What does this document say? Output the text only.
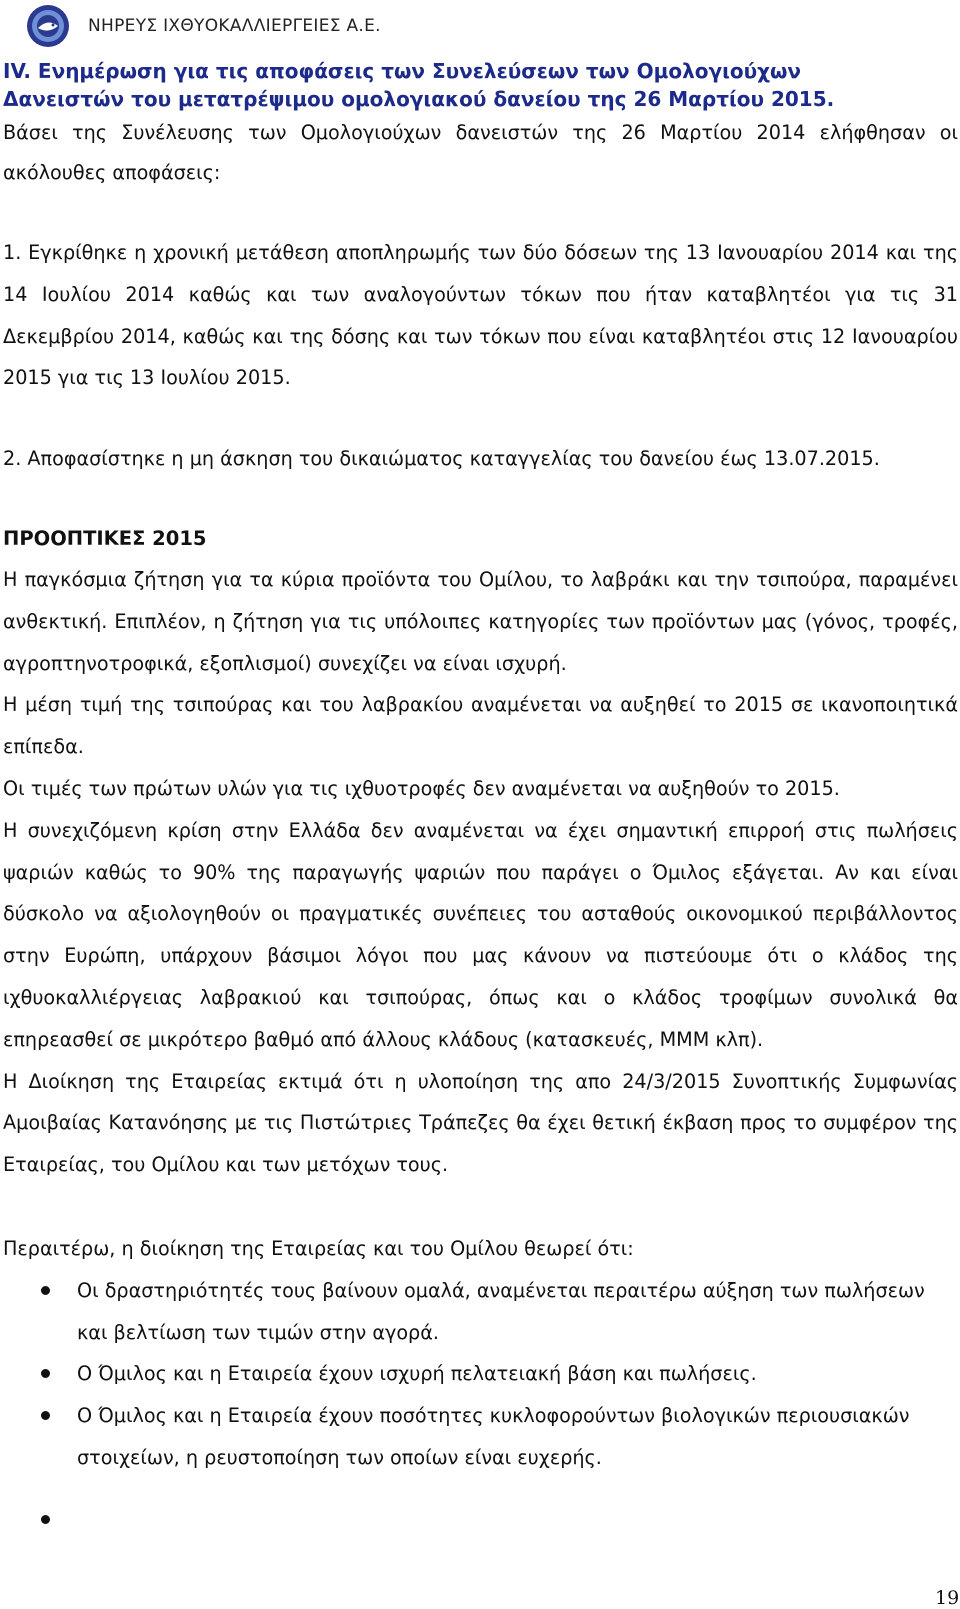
ΝΗΡΕΥΣ ΙΧΘΥΟΚΑΛΛΙΕΡΓΕΙΕΣ Α.Ε.
IV. Ενημέρωση για τις αποφάσεις των Συνελεύσεων των Ομολογιούχων
Δανειστών του μετατρέψιμου ομολογιακού δανείου της 26 Μαρτίου 2015.

Βάσει της Συνέλευσης των Ομολογιούχων δανειστών της 26 Μαρτίου 2014 ελήφθησαν οι ακόλουθες αποφάσεις:

1. Εγκρίθηκε η χρονική μετάθεση αποπληρωμής των δύο δόσεων της 13 Ιανουαρίου 2014 και της 14 Ιουλίου 2014 καθώς και των αναλογούντων τόκων που ήταν καταβλητέοι για τις 31 Δεκεμβρίου 2014, καθώς και της δόσης και των τόκων που είναι καταβλητέοι στις 12 Ιανουαρίου 2015 για τις 13 Ιουλίου 2015.

2. Αποφασίστηκε η μη άσκηση του δικαιώματος καταγγελίας του δανείου έως 13.07.2015.

ΠΡΟΟΠΤΙΚΕΣ 2015

Η παγκόσμια ζήτηση για τα κύρια προϊόντα του Ομίλου, το λαβράκι και την τσιπούρα, παραμένει ανθεκτική. Επιπλέον, η ζήτηση για τις υπόλοιπες κατηγορίες των προϊόντων μας (γόνος, τροφές, αγροπτηνοτροφικά, εξοπλισμοί) συνεχίζει να είναι ισχυρή.

Η μέση τιμή της τσιπούρας και του λαβρακίου αναμένεται να αυξηθεί το 2015 σε ικανοποιητικά επίπεδα.

Οι τιμές των πρώτων υλών για τις ιχθυοτροφές δεν αναμένεται να αυξηθούν το 2015.

Η συνεχιζόμενη κρίση στην Ελλάδα δεν αναμένεται να έχει σημαντική επιρροή στις πωλήσεις ψαριών καθώς το 90% της παραγωγής ψαριών που παράγει ο Όμιλος εξάγεται. Αν και είναι δύσκολο να αξιολογηθούν οι πραγματικές συνέπειες του ασταθούς οικονομικού περιβάλλοντος στην Ευρώπη, υπάρχουν βάσιμοι λόγοι που μας κάνουν να πιστεύουμε ότι ο κλάδος της ιχθυοκαλλιέργειας λαβρακιού και τσιπούρας, όπως και ο κλάδος τροφίμων συνολικά θα επηρεασθεί σε μικρότερο βαθμό από άλλους κλάδους (κατασκευές, ΜΜΜ κλπ).

Η Διοίκηση της Εταιρείας εκτιμά ότι η υλοποίηση της απο 24/3/2015 Συνοπτικής Συμφωνίας Αμοιβαίας Κατανόησης με τις Πιστώτριες Τράπεζες θα έχει θετική έκβαση προς το συμφέρον της Εταιρείας, του Ομίλου και των μετόχων τους.

Περαιτέρω, η διοίκηση της Εταιρείας και του Ομίλου θεωρεί ότι:

Οι δραστηριότητές τους βαίνουν ομαλά, αναμένεται περαιτέρω αύξηση των πωλήσεων και βελτίωση των τιμών στην αγορά.
Ο Όμιλος και η Εταιρεία έχουν ισχυρή πελατειακή βάση και πωλήσεις.
Ο Όμιλος και η Εταιρεία έχουν ποσότητες κυκλοφορούντων βιολογικών περιουσιακών στοιχείων, η ρευστοποίηση των οποίων είναι ευχερής.
19
